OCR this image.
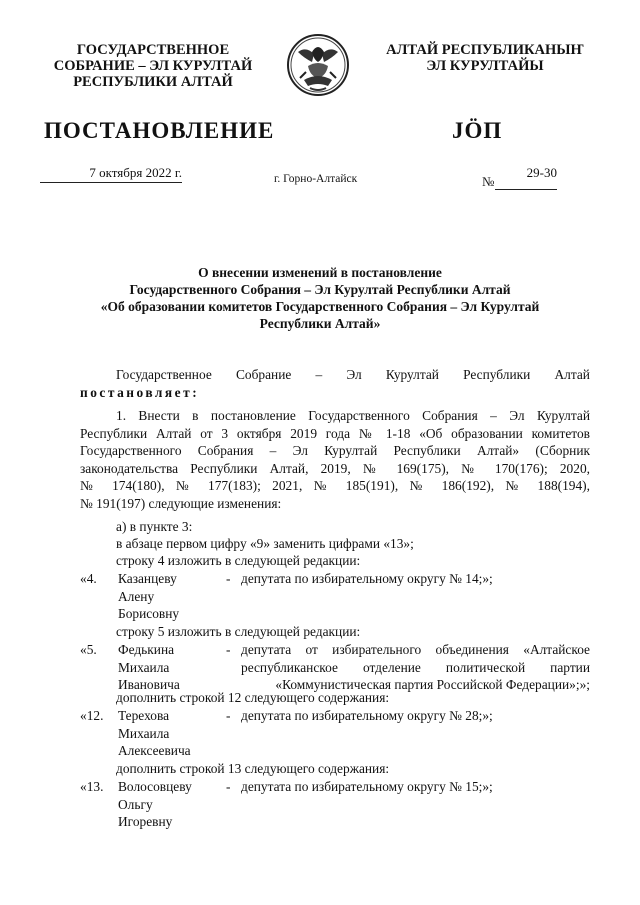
ГОСУДАРСТВЕННОЕ
СОБРАНИЕ – ЭЛ КУРУЛТАЙ
РЕСПУБЛИКИ АЛТАЙ
АЛТАЙ РЕСПУБЛИКАНЫҤ
ЭЛ КУРУЛТАЙЫ
ПОСТАНОВЛЕНИЕ	JӦП
7 октября 2022 г.	г. Горно-Алтайск	№
29-30
О внесении изменений в постановление
Государственного Собрания – Эл Курултай Республики Алтай
«Об образовании комитетов Государственного Собрания – Эл Курултай
Республики Алтай»
Государственное Собрание – Эл Курултай Республики Алтай
постановляет:
1. Внести в постановление Государственного Собрания – Эл Курултай
Республики Алтай от 3 октября 2019 года № 1-18 «Об образовании комитетов
Государственного Собрания – Эл Курултай Республики Алтай» (Сборник
законодательства Республики Алтай, 2019, № 169(175), № 170(176); 2020,
№ 174(180), № 177(183); 2021, № 185(191), № 186(192), № 188(194),
№ 191(197) следующие изменения:
а) в пункте 3:
в абзаце первом цифру «9» заменить цифрами «13»;
строку 4 изложить в следующей редакции:
«4. Казанцеву
Алену
Борисовну
- депутата по избирательному округу № 14;»;
строку 5 изложить в следующей редакции:
«5. Федькина
Михаила
Ивановича
- депутата от избирательного объединения «Алтайское
республиканское отделение политической партии
«Коммунистическая партия Российской Федерации»;»;
дополнить строкой 12 следующего содержания:
«12. Терехова
Михаила
Алексеевича
- депутата по избирательному округу № 28;»;
дополнить строкой 13 следующего содержания:
«13. Волосовцеву
Ольгу
Игоревну
- депутата по избирательному округу № 15;»;
